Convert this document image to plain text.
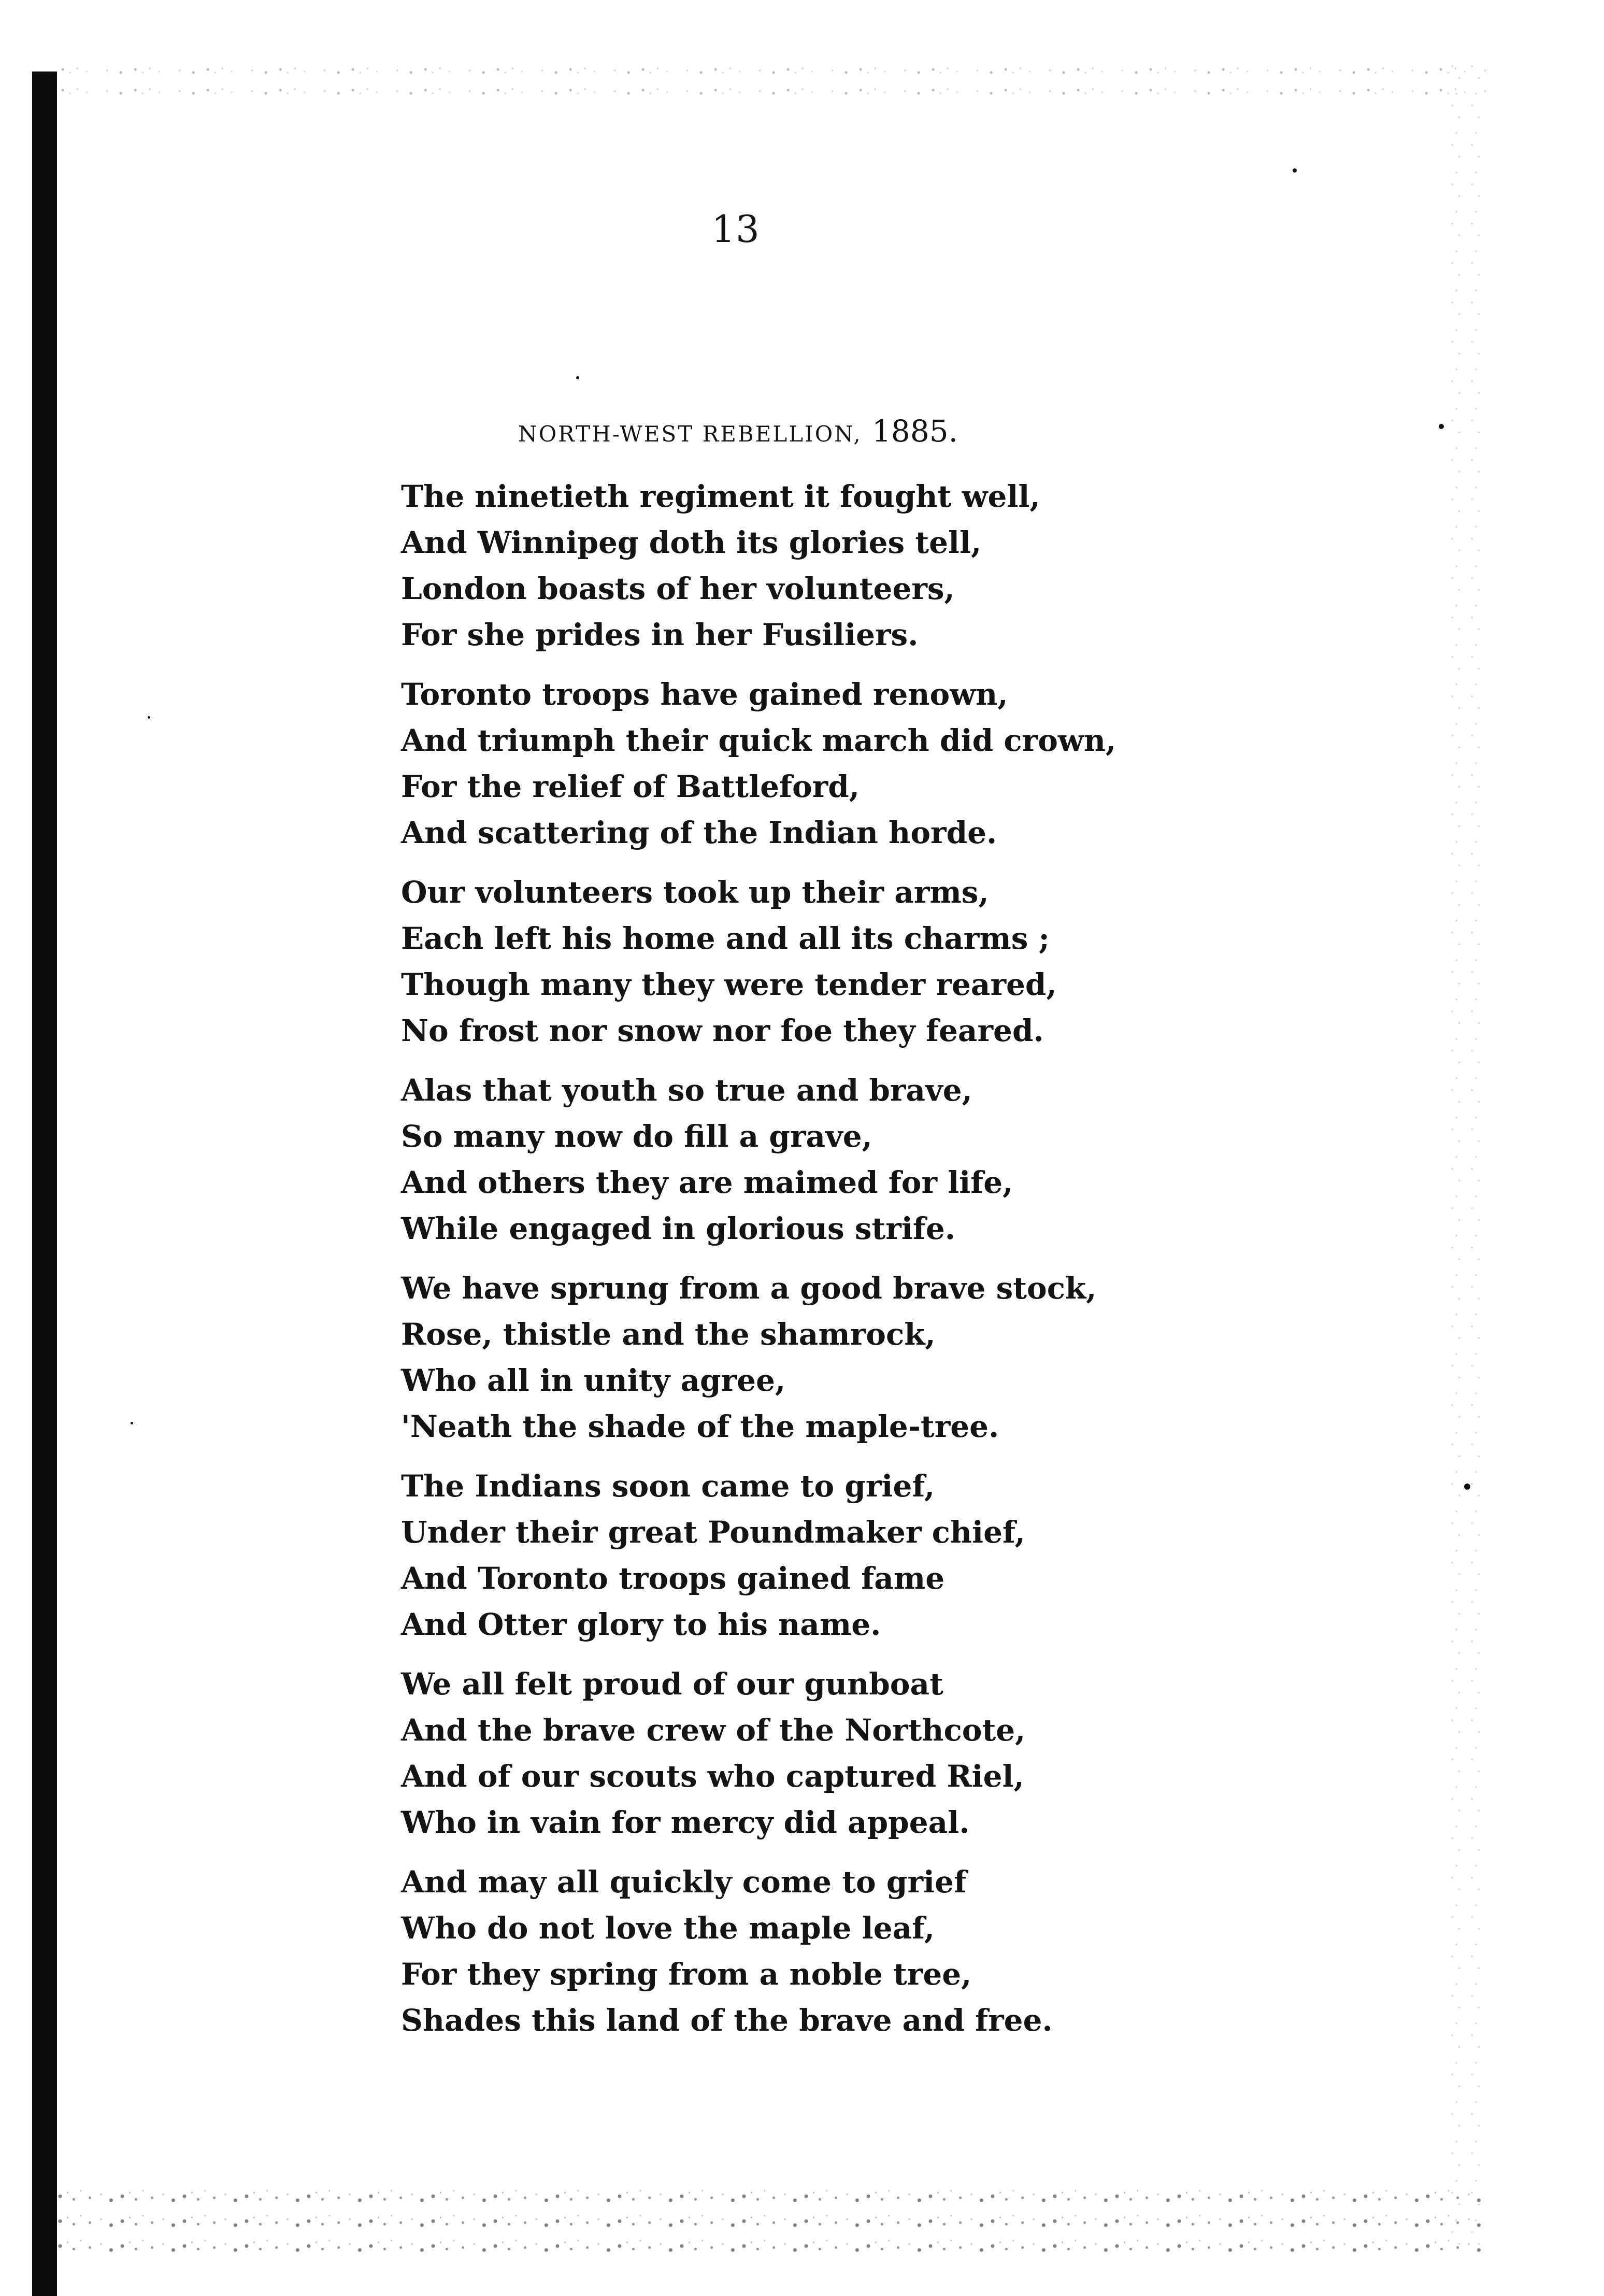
13
NORTH-WEST REBELLION, 1885.
The ninetieth regiment it fought well,
And Winnipeg doth its glories tell,
London boasts of her volunteers,
For she prides in her Fusiliers.
Toronto troops have gained renown,
And triumph their quick march did crown,
For the relief of Battleford,
And scattering of the Indian horde.
Our volunteers took up their arms,
Each left his home and all its charms ;
Though many they were tender reared,
No frost nor snow nor foe they feared.
Alas that youth so true and brave,
So many now do fill a grave,
And others they are maimed for life,
While engaged in glorious strife.
We have sprung from a good brave stock,
Rose, thistle and the shamrock,
Who all in unity agree,
'Neath the shade of the maple-tree.
The Indians soon came to grief,
Under their great Poundmaker chief,
And Toronto troops gained fame
And Otter glory to his name.
We all felt proud of our gunboat
And the brave crew of the Northcote,
And of our scouts who captured Riel,
Who in vain for mercy did appeal.
And may all quickly come to grief
Who do not love the maple leaf,
For they spring from a noble tree,
Shades this land of the brave and free.
